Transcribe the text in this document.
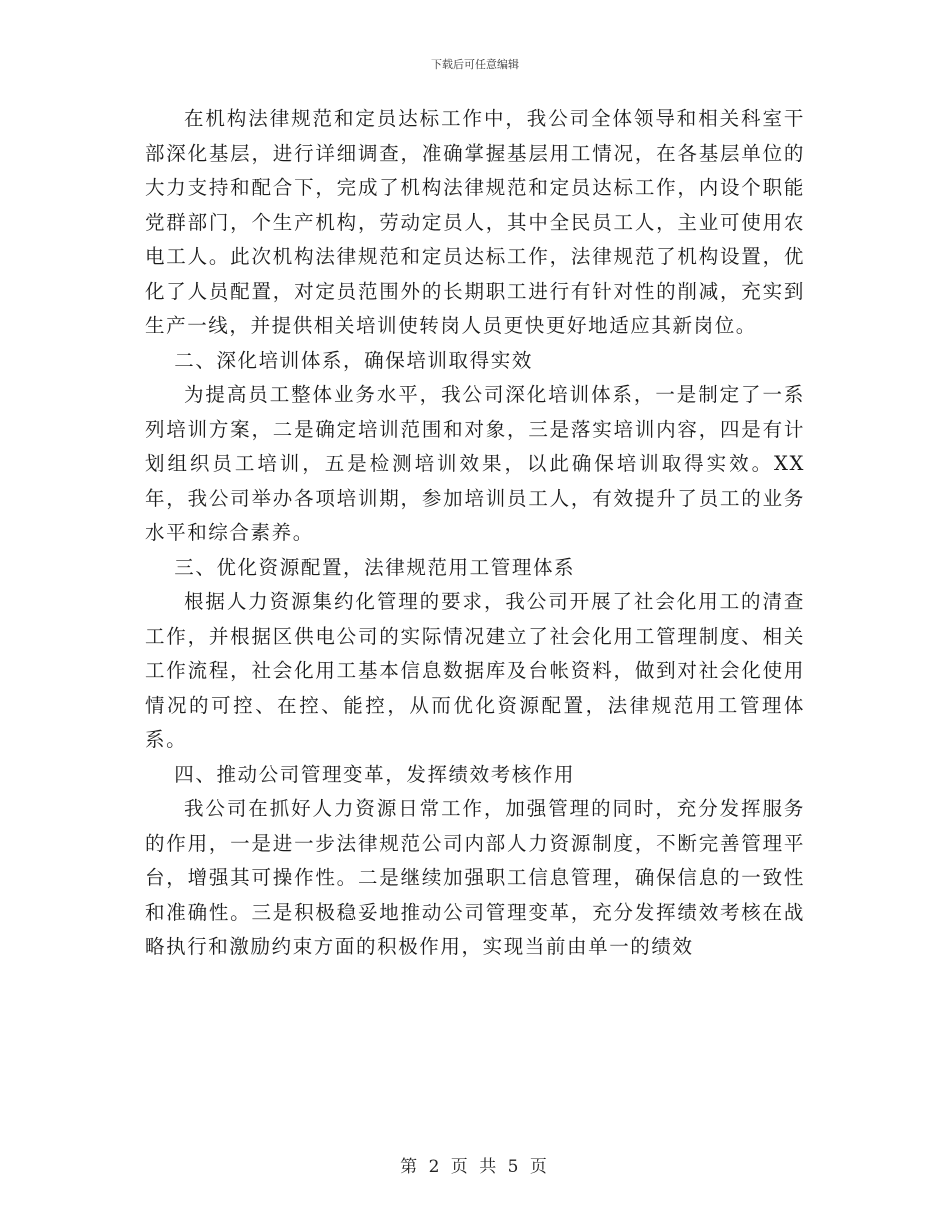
下载后可任意编辑

在机构法律规范和定员达标工作中，我公司全体领导和相关科室干部深化基层，进行详细调查，准确掌握基层用工情况，在各基层单位的大力支持和配合下，完成了机构法律规范和定员达标工作，内设个职能党群部门，个生产机构，劳动定员人，其中全民员工人，主业可使用农电工人。此次机构法律规范和定员达标工作，法律规范了机构设置，优化了人员配置，对定员范围外的长期职工进行有针对性的削减，充实到生产一线，并提供相关培训使转岗人员更快更好地适应其新岗位。

二、深化培训体系，确保培训取得实效

为提高员工整体业务水平，我公司深化培训体系，一是制定了一系列培训方案，二是确定培训范围和对象，三是落实培训内容，四是有计划组织员工培训，五是检测培训效果，以此确保培训取得实效。XX年，我公司举办各项培训期，参加培训员工人，有效提升了员工的业务水平和综合素养。

三、优化资源配置，法律规范用工管理体系

根据人力资源集约化管理的要求，我公司开展了社会化用工的清查工作，并根据区供电公司的实际情况建立了社会化用工管理制度、相关工作流程，社会化用工基本信息数据库及台帐资料，做到对社会化使用情况的可控、在控、能控，从而优化资源配置，法律规范用工管理体系。

四、推动公司管理变革，发挥绩效考核作用

我公司在抓好人力资源日常工作，加强管理的同时，充分发挥服务的作用，一是进一步法律规范公司内部人力资源制度，不断完善管理平台，增强其可操作性。二是继续加强职工信息管理，确保信息的一致性和准确性。三是积极稳妥地推动公司管理变革，充分发挥绩效考核在战略执行和激励约束方面的积极作用，实现当前由单一的绩效

第 2 页 共 5 页
